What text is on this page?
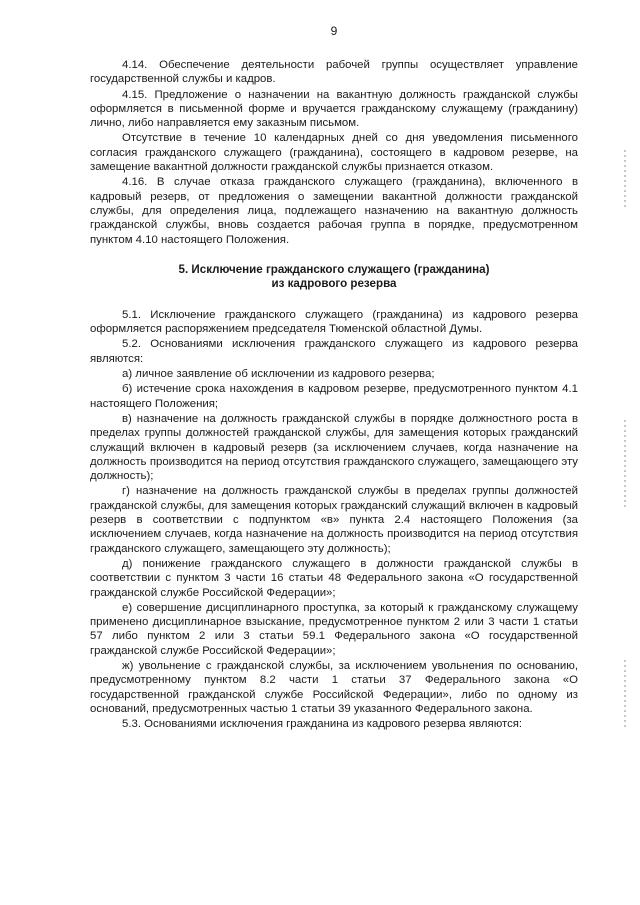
9
4.14. Обеспечение деятельности рабочей группы осуществляет управление государственной службы и кадров.
4.15. Предложение о назначении на вакантную должность гражданской службы оформляется в письменной форме и вручается гражданскому служащему (гражданину) лично, либо направляется ему заказным письмом.
Отсутствие в течение 10 календарных дней со дня уведомления письменного согласия гражданского служащего (гражданина), состоящего в кадровом резерве, на замещение вакантной должности гражданской службы признается отказом.
4.16. В случае отказа гражданского служащего (гражданина), включенного в кадровый резерв, от предложения о замещении вакантной должности гражданской службы, для определения лица, подлежащего назначению на вакантную должность гражданской службы, вновь создается рабочая группа в порядке, предусмотренном пунктом 4.10 настоящего Положения.
5. Исключение гражданского служащего (гражданина)
из кадрового резерва
5.1. Исключение гражданского служащего (гражданина) из кадрового резерва оформляется распоряжением председателя Тюменской областной Думы.
5.2. Основаниями исключения гражданского служащего из кадрового резерва являются:
а) личное заявление об исключении из кадрового резерва;
б) истечение срока нахождения в кадровом резерве, предусмотренного пунктом 4.1 настоящего Положения;
в) назначение на должность гражданской службы в порядке должностного роста в пределах группы должностей гражданской службы, для замещения которых гражданский служащий включен в кадровый резерв (за исключением случаев, когда назначение на должность производится на период отсутствия гражданского служащего, замещающего эту должность);
г) назначение на должность гражданской службы в пределах группы должностей гражданской службы, для замещения которых гражданский служащий включен в кадровый резерв в соответствии с подпунктом «в» пункта 2.4 настоящего Положения (за исключением случаев, когда назначение на должность производится на период отсутствия гражданского служащего, замещающего эту должность);
д) понижение гражданского служащего в должности гражданской службы в соответствии с пунктом 3 части 16 статьи 48 Федерального закона «О государственной гражданской службе Российской Федерации»;
е) совершение дисциплинарного проступка, за который к гражданскому служащему применено дисциплинарное взыскание, предусмотренное пунктом 2 или 3 части 1 статьи 57 либо пунктом 2 или 3 статьи 59.1 Федерального закона «О государственной гражданской службе Российской Федерации»;
ж) увольнение с гражданской службы, за исключением увольнения по основанию, предусмотренному пунктом 8.2 части 1 статьи 37 Федерального закона «О государственной гражданской службе Российской Федерации», либо по одному из оснований, предусмотренных частью 1 статьи 39 указанного Федерального закона.
5.3. Основаниями исключения гражданина из кадрового резерва являются:
